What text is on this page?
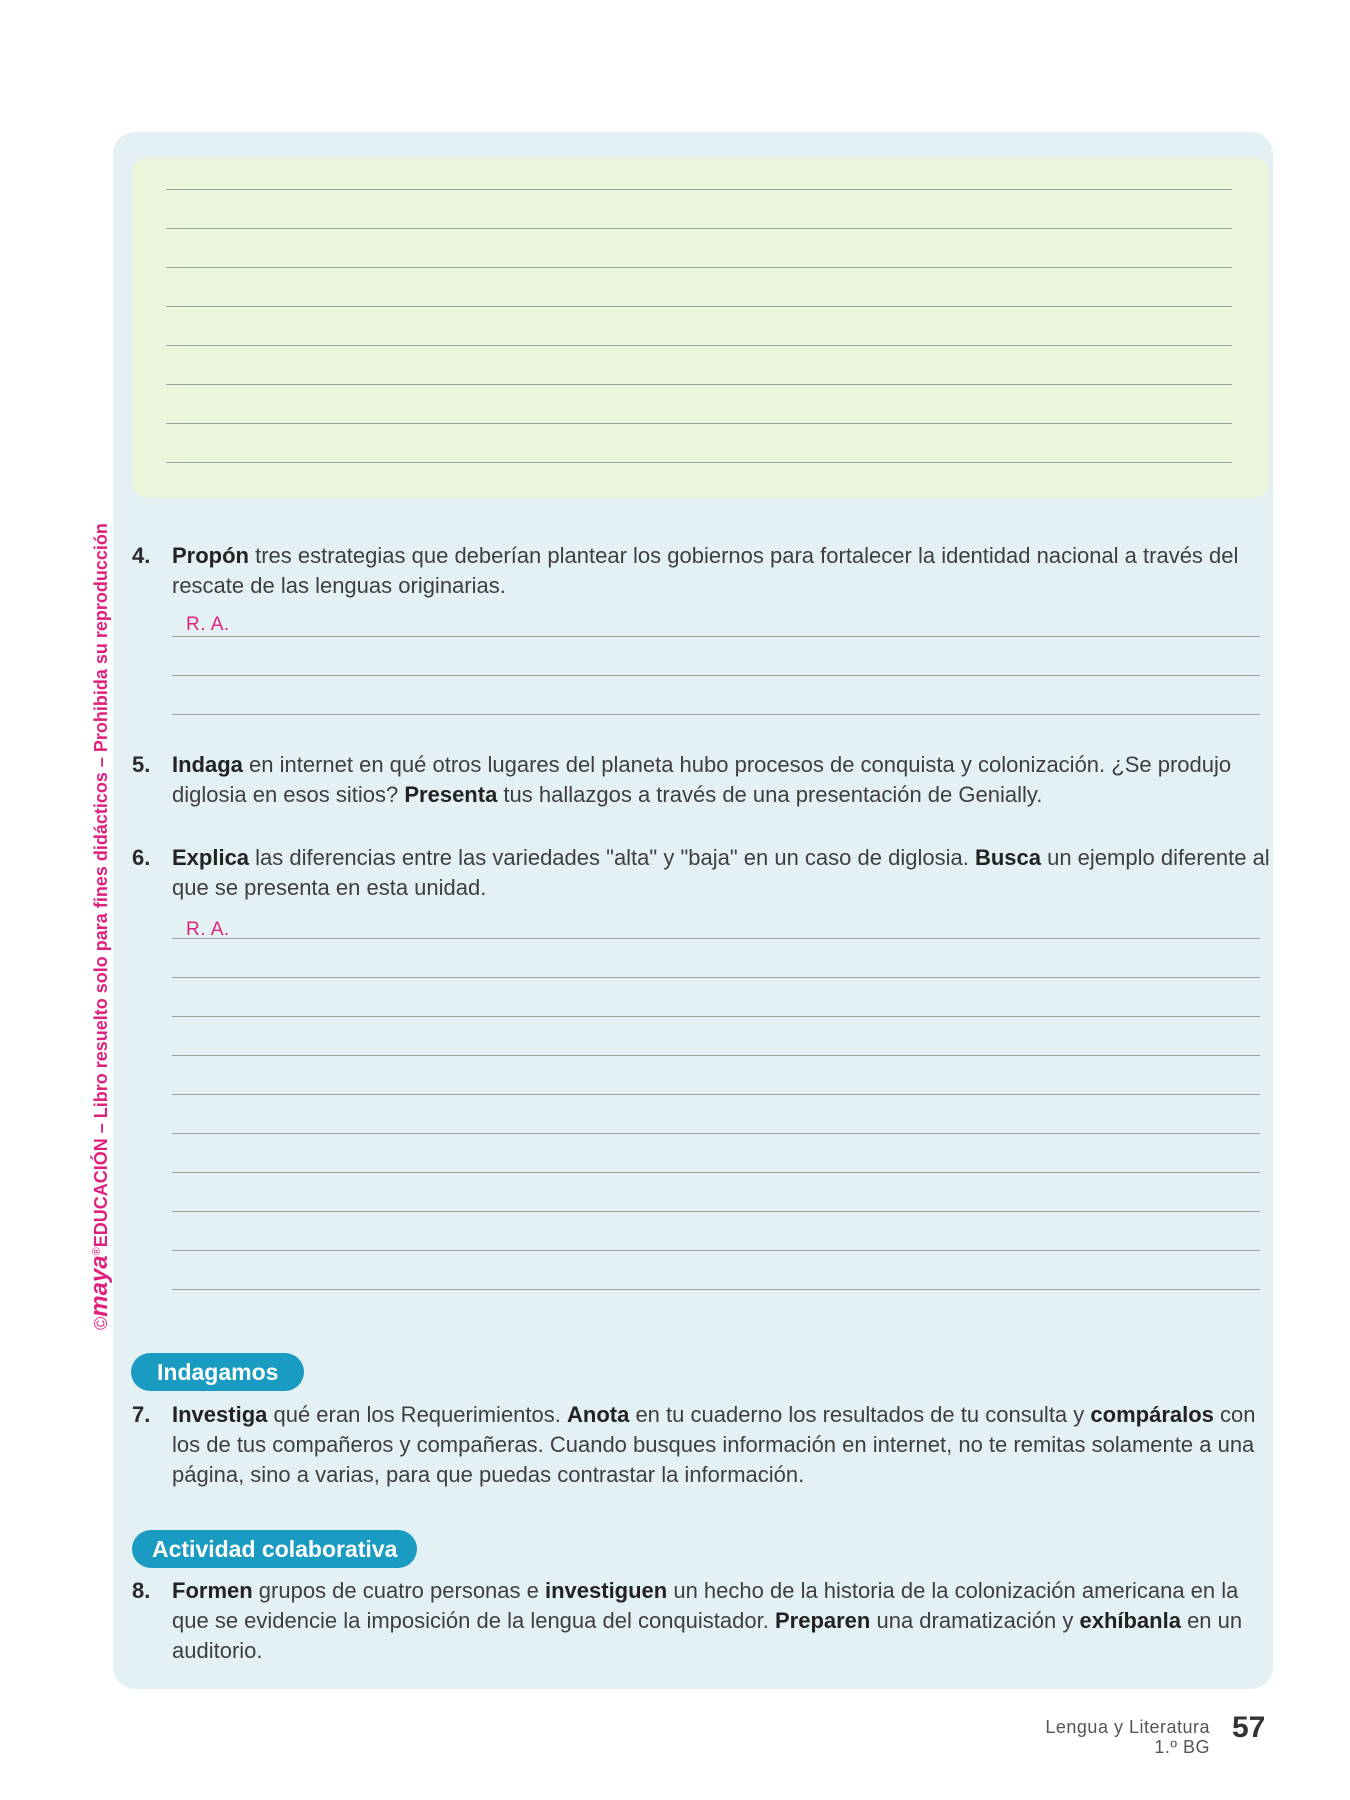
©maya®EDUCACIÓN – Libro resuelto solo para fines didácticos – Prohibida su reproducción 4. Propón tres estrategias que deberían plantear los gobiernos para fortalecer la identidad nacional a través del rescate de las lenguas originarias.
R. A.
5. Indaga en internet en qué otros lugares del planeta hubo procesos de conquista y colonización. ¿Se produjo diglosia en esos sitios? Presenta tus hallazgos a través de una presentación de Genially.
6. Explica las diferencias entre las variedades "alta" y "baja" en un caso de diglosia. Busca un ejemplo diferente al que se presenta en esta unidad.
R. A.
Indagamos
7. Investiga qué eran los Requerimientos. Anota en tu cuaderno los resultados de tu consulta y compáralos con los de tus compañeros y compañeras. Cuando busques información en internet, no te remitas solamente a una página, sino a varias, para que puedas contrastar la información.
Actividad colaborativa
8. Formen grupos de cuatro personas e investiguen un hecho de la historia de la colonización americana en la que se evidencie la imposición de la lengua del conquistador. Preparen una dramatización y exhíbanla en un auditorio.
Lengua y Literatura
1.º BG
57
